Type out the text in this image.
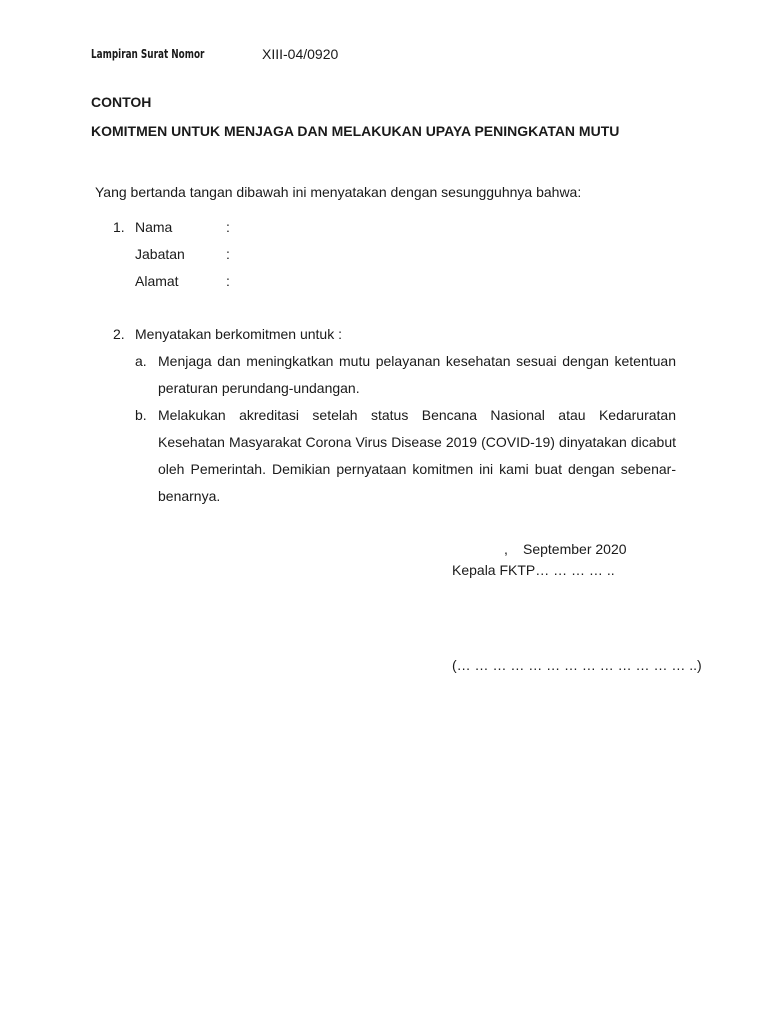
Lampiran Surat Nomor	XIII-04/0920
CONTOH
KOMITMEN UNTUK MENJAGA DAN MELAKUKAN UPAYA PENINGKATAN MUTU
Yang bertanda tangan dibawah ini menyatakan dengan sesungguhnya bahwa:
1. Nama	:
Jabatan	:
Alamat	:
2. Menyatakan berkomitmen untuk :
a. Menjaga dan meningkatkan mutu pelayanan kesehatan sesuai dengan ketentuan peraturan perundang-undangan.
b. Melakukan akreditasi setelah status Bencana Nasional atau Kedaruratan Kesehatan Masyarakat Corona Virus Disease 2019 (COVID-19) dinyatakan dicabut oleh Pemerintah. Demikian pernyataan komitmen ini kami buat dengan sebenar-benarnya.
, September 2020
Kepala FKTP… … … … ..
(… … … … … … … … … … … … … ..)
